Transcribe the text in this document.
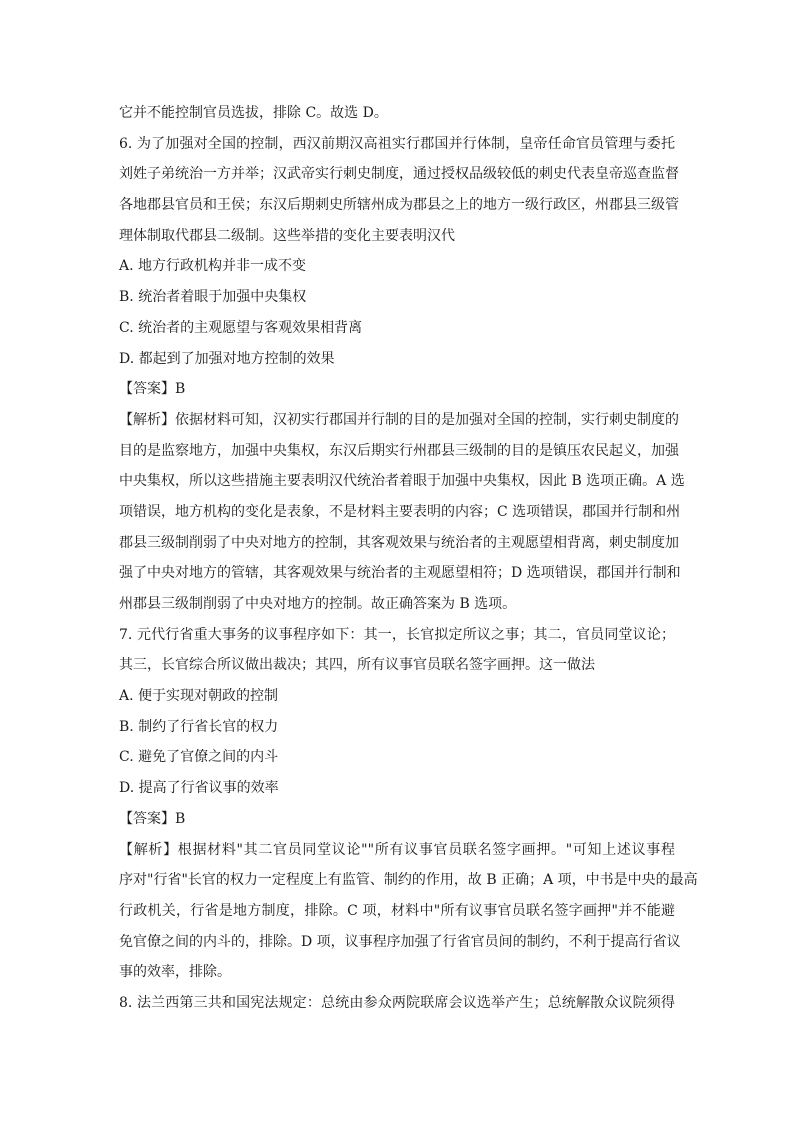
它并不能控制官员选拔，排除 C。故选 D。
6. 为了加强对全国的控制，西汉前期汉高祖实行郡国并行体制，皇帝任命官员管理与委托
刘姓子弟统治一方并举；汉武帝实行刺史制度，通过授权品级较低的刺史代表皇帝巡查监督
各地郡县官员和王侯；东汉后期刺史所辖州成为郡县之上的地方一级行政区，州郡县三级管
理体制取代郡县二级制。这些举措的变化主要表明汉代
A. 地方行政机构并非一成不变
B. 统治者着眼于加强中央集权
C. 统治者的主观愿望与客观效果相背离
D. 都起到了加强对地方控制的效果
【答案】B
【解析】依据材料可知，汉初实行郡国并行制的目的是加强对全国的控制，实行刺史制度的
目的是监察地方，加强中央集权，东汉后期实行州郡县三级制的目的是镇压农民起义，加强
中央集权，所以这些措施主要表明汉代统治者着眼于加强中央集权，因此 B 选项正确。A 选
项错误，地方机构的变化是表象，不是材料主要表明的内容；C 选项错误，郡国并行制和州
郡县三级制削弱了中央对地方的控制，其客观效果与统治者的主观愿望相背离，刺史制度加
强了中央对地方的管辖，其客观效果与统治者的主观愿望相符；D 选项错误，郡国并行制和
州郡县三级制削弱了中央对地方的控制。故正确答案为 B 选项。
7. 元代行省重大事务的议事程序如下：其一，长官拟定所议之事；其二，官员同堂议论；
其三，长官综合所议做出裁决；其四，所有议事官员联名签字画押。这一做法
A. 便于实现对朝政的控制
B. 制约了行省长官的权力
C. 避免了官僚之间的内斗
D. 提高了行省议事的效率
【答案】B
【解析】根据材料"其二官员同堂议论""所有议事官员联名签字画押。"可知上述议事程
序对"行省"长官的权力一定程度上有监管、制约的作用，故 B 正确；A 项，中书是中央的最高
行政机关，行省是地方制度，排除。C 项，材料中"所有议事官员联名签字画押"并不能避
免官僚之间的内斗的，排除。D 项，议事程序加强了行省官员间的制约，不利于提高行省议
事的效率，排除。
8. 法兰西第三共和国宪法规定：总统由参众两院联席会议选举产生；总统解散众议院须得
